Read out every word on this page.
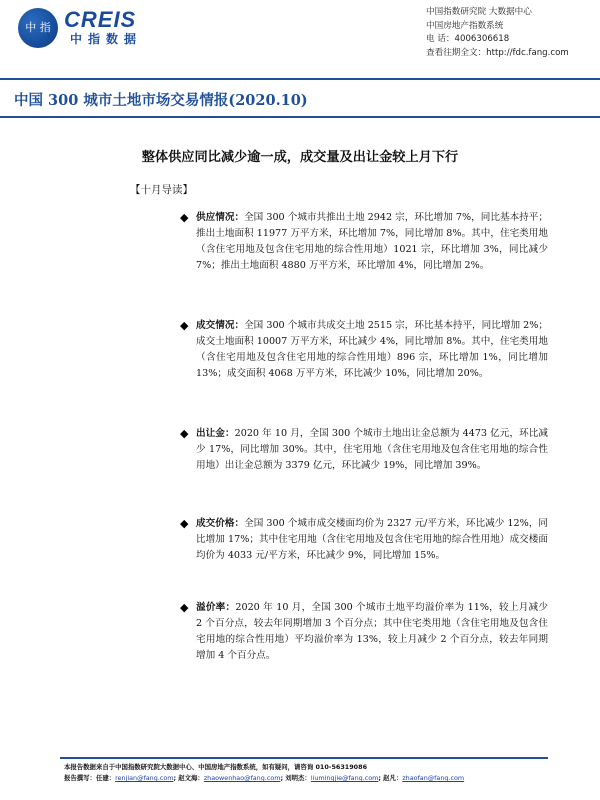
中 指 CREIS
中指数据
中国指数研究院 大数据中心
中国房地产指数系统
电 话：4006306618
查看往期全文：http://fdc.fang.com
中国 300 城市土地市场交易情报(2020.10)
整体供应同比减少逾一成，成交量及出让金较上月下行
【十月导读】
◆ 供应情况：全国 300 个城市共推出土地 2942 宗，环比增加 7%，同比基本持平；推出土地面积 11977 万平方米，环比增加 7%，同比增加 8%。其中，住宅类用地（含住宅用地及包含住宅用地的综合性用地）1021 宗，环比增加 3%，同比减少 7%；推出土地面积 4880 万平方米，环比增加 4%，同比增加 2%。

◆ 成交情况：全国 300 个城市共成交土地 2515 宗，环比基本持平，同比增加 2%；成交土地面积 10007 万平方米，环比减少 4%，同比增加 8%。其中，住宅类用地（含住宅用地及包含住宅用地的综合性用地）896 宗，环比增加 1%，同比增加 13%；成交面积 4068 万平方米，环比减少 10%，同比增加 20%。

◆ 出让金：2020 年 10 月，全国 300 个城市土地出让金总额为 4473 亿元，环比减少 17%，同比增加 30%。其中，住宅用地（含住宅用地及包含住宅用地的综合性用地）出让金总额为 3379 亿元，环比减少 19%，同比增加 39%。

◆ 成交价格：全国 300 个城市成交楼面均价为 2327 元/平方米，环比减少 12%，同比增加 17%；其中住宅用地（含住宅用地及包含住宅用地的综合性用地）成交楼面均价为 4033 元/平方米，环比减少 9%，同比增加 15%。

◆ 溢价率：2020 年 10 月，全国 300 个城市土地平均溢价率为 11%，较上月减少 2 个百分点，较去年同期增加 3 个百分点；其中住宅类用地（含住宅用地及包含住宅用地的综合性用地）平均溢价率为 13%，较上月减少 2 个百分点，较去年同期增加 4 个百分点。

本报告数据来自于中国指数研究院大数据中心、中国房地产指数系统，如有疑问，请咨询 010-56319086
报告撰写：任建：renjian@fang.com; 赵文海：zhaowenhao@fang.com; 刘明杰：liumingjie@fang.com; 赵凡：zhaofan@fang.com
